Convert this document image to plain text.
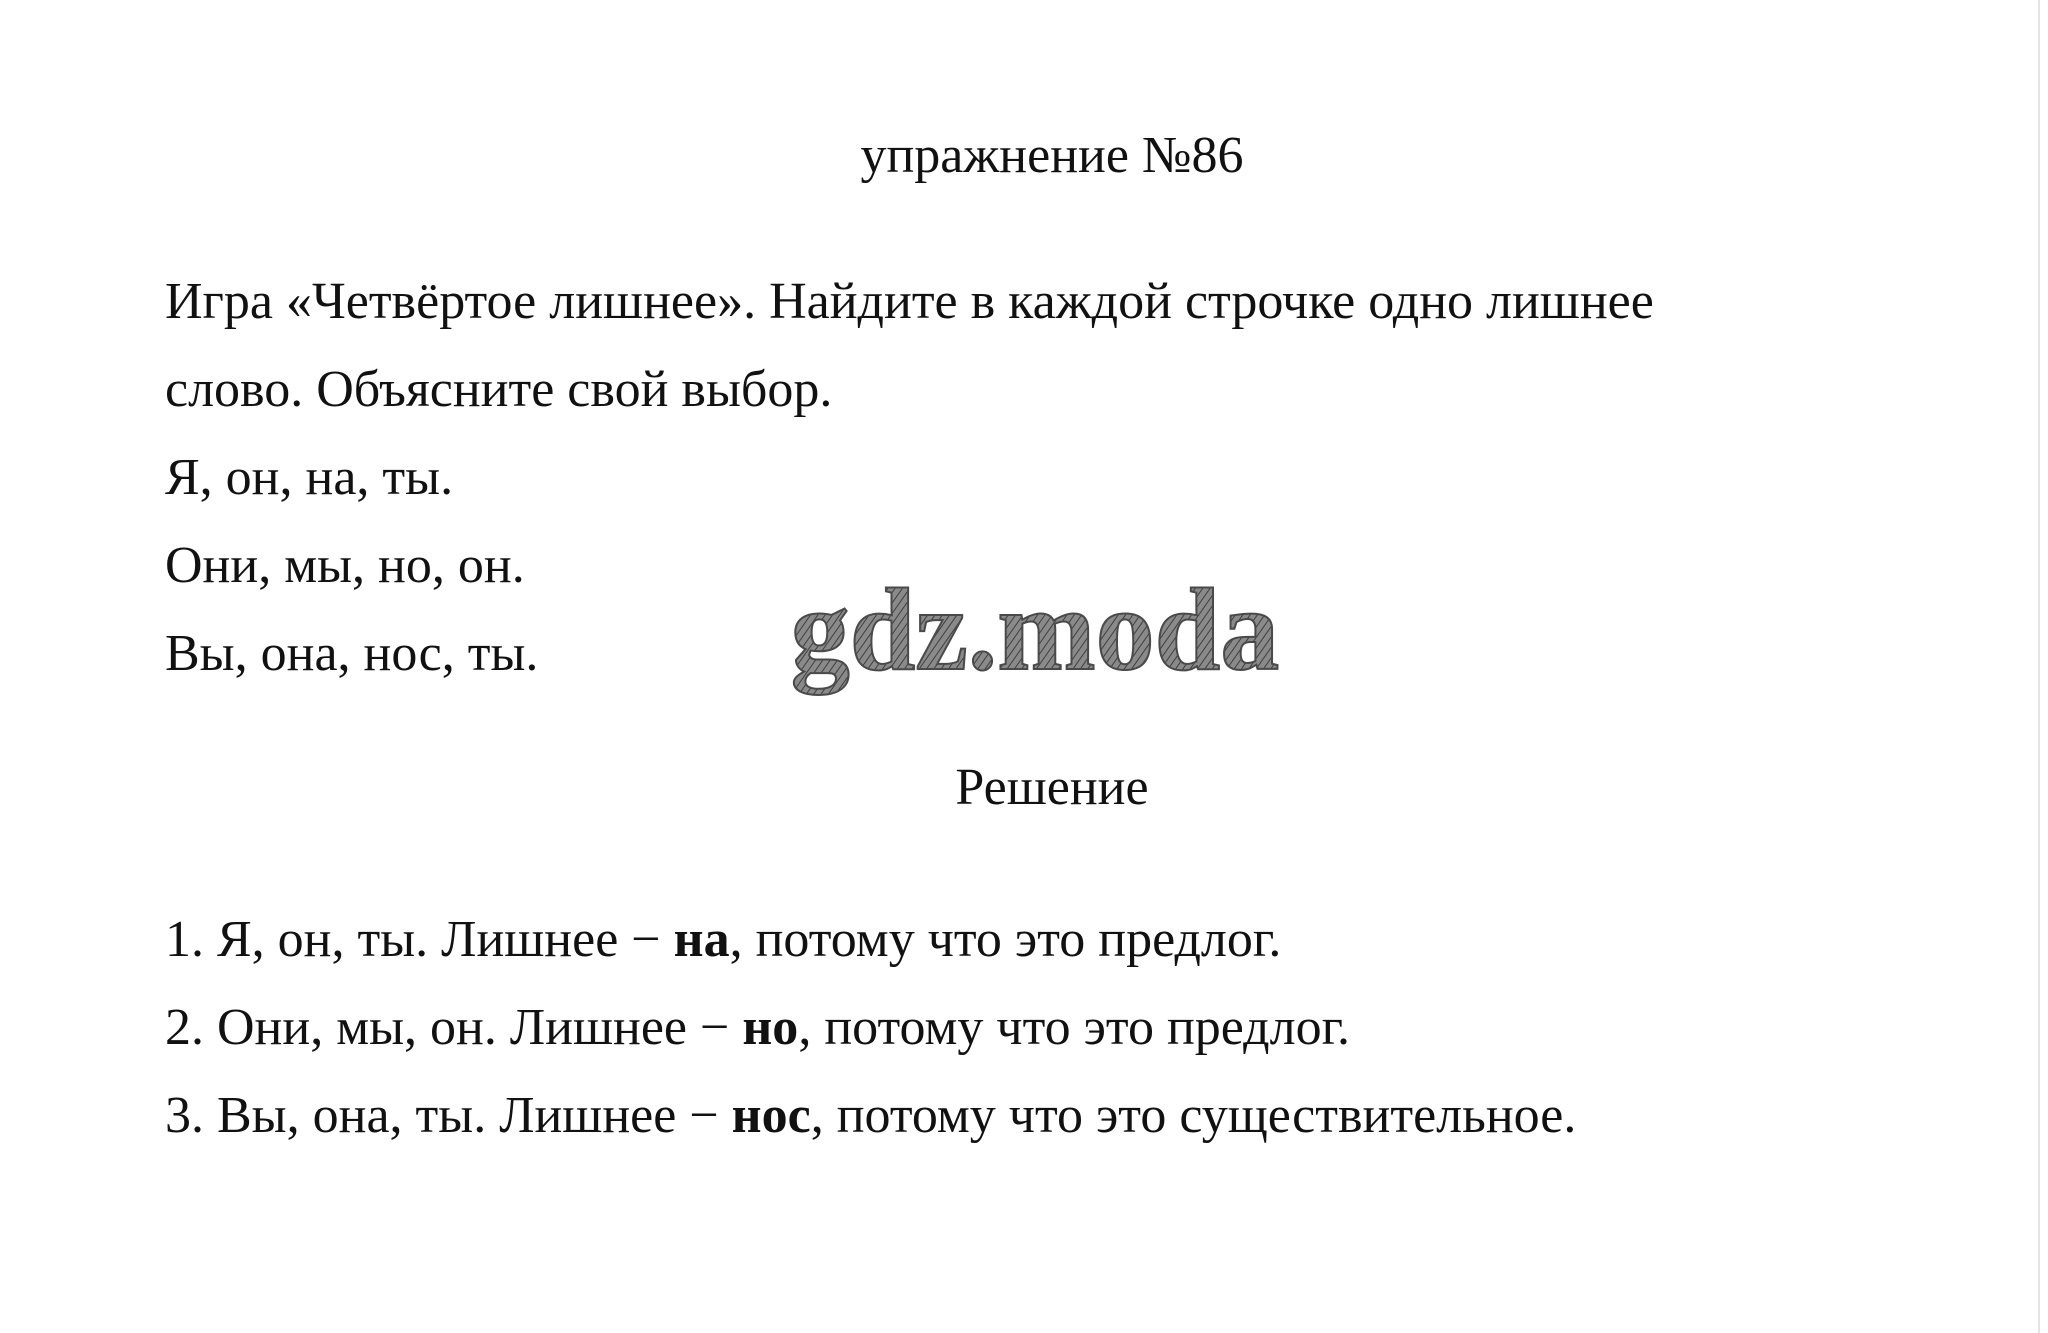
упражнение №86

Игра «Четвёртое лишнее». Найдите в каждой строчке одно лишнее

слово. Объясните свой выбор.

Я, он, на, ты.

Они, мы, но, он.

Вы, она, нос, ты.	gdz.moda
Решение

1. Я, он, ты. Лишнее − на, потому что это предлог.

2. Они, мы, он. Лишнее − но, потому что это предлог.

3. Вы, она, ты. Лишнее − нос, потому что это существительное.
